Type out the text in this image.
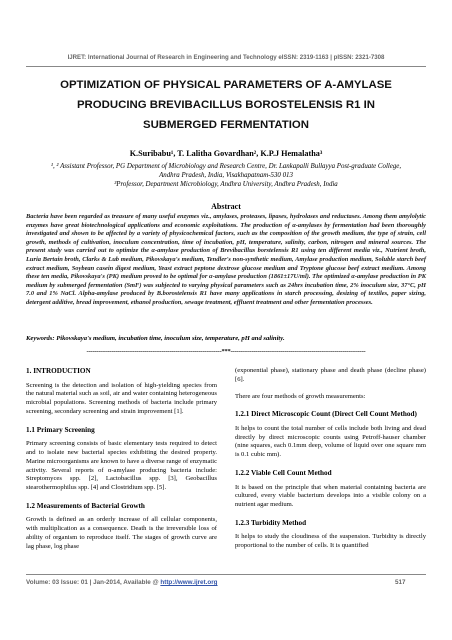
IJRET: International Journal of Research in Engineering and Technology eISSN: 2319-1163 | pISSN: 2321-7308
OPTIMIZATION OF PHYSICAL PARAMETERS OF A-AMYLASE PRODUCING BREVIBACILLUS BOROSTELENSIS R1 IN SUBMERGED FERMENTATION
K.Suribabu¹, T. Lalitha Govardhan², K.P.J Hemalatha³
¹, ² Assistant Professor, PG Department of Microbiology and Research Centre, Dr. Lankapalli Bullayya Post-graduate College, Andhra Pradesh, India, Visakhapatnam-530 013
³Professor, Department Microbiology, Andhra University, Andhra Pradesh, India
Abstract
Bacteria have been regarded as treasure of many useful enzymes viz., amylases, proteases, lipases, hydrolases and reductases. Among them amylolytic enzymes have great biotechnological applications and economic exploitations. The production of α-amylases by fermentation had been thoroughly investigated and shown to be affected by a variety of physicochemical factors, such as the composition of the growth medium, the type of strain, cell growth, methods of cultivation, inoculum concentration, time of incubation, pH, temperature, salinity, carbon, nitrogen and mineral sources. The present study was carried out to optimize the α-amylase production of Brevibacillus borstelensis R1 using ten different media viz., Nutrient broth, Luria Bertain broth, Clarks & Lub medium, Pikovskaya's medium, Tendler's non-synthetic medium, Amylase production medium, Soluble starch beef extract medium, Soybean casein digest medium, Yeast extract peptone dextrose glucose medium and Tryptone glucose beef extract medium. Among these ten media, Pikovskaya's (PK) medium proved to be optimal for α-amylase production (1861±17U/ml). The optimized α-amylase production in PK medium by submerged fermentation (SmF) was subjected to varying physical parameters such as 24hrs incubation time, 2% inoculum size, 37°C, pH 7.0 and 1% NaCl. Alpha-amylase produced by B.borostelensis R1 have many applications in starch processing, desizing of textiles, paper sizing, detergent additive, bread improvement, ethanol production, sewage treatment, effluent treatment and other fermentation processes.
Keywords: Pikovskaya's medium, incubation time, inoculum size, temperature, pH and salinity.
----------------------------------------------------------------------***----------------------------------------------------------------------
1. INTRODUCTION
Screening is the detection and isolation of high-yielding species from the natural material such as soil, air and water containing heterogeneous microbial populations. Screening methods of bacteria include primary screening, secondary screening and strain improvement [1].
1.1 Primary Screening
Primary screening consists of basic elementary tests required to detect and to isolate new bacterial species exhibiting the desired property. Marine microorganisms are known to have a diverse range of enzymatic activity. Several reports of α-amylase producing bacteria include: Streptomyces spp. [2], Lactobacillus spp. [3], Geobacillus stearothermophilus spp. [4] and Clostridium spp. [5].
1.2 Measurements of Bacterial Growth
Growth is defined as an orderly increase of all cellular components, with multiplication as a consequence. Death is the irreversible loss of ability of organism to reproduce itself. The stages of growth curve are lag phase, log phase
(exponential phase), stationary phase and death phase (decline phase) [6].
There are four methods of growth measurements:
1.2.1 Direct Microscopic Count (Direct Cell Count Method)
It helps to count the total number of cells include both living and dead directly by direct microscopic counts using Petroff-hauser chamber (nine squares, each 0.1mm deep, volume of liquid over one square mm is 0.1 cubic mm).
1.2.2 Viable Cell Count Method
It is based on the principle that when material containing bacteria are cultured, every viable bacterium develops into a visible colony on a nutrient agar medium.
1.2.3 Turbidity Method
It helps to study the cloudiness of the suspension. Turbidity is directly proportional to the number of cells. It is quantified
Volume: 03 Issue: 01 | Jan-2014, Available @ http://www.ijret.org	517
